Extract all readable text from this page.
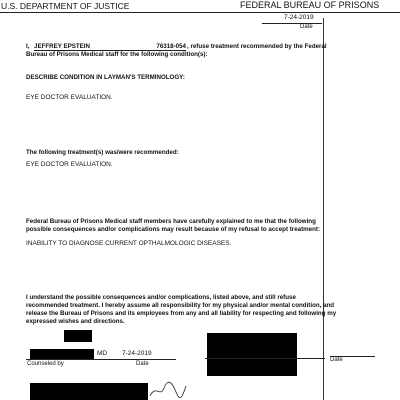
U.S. DEPARTMENT OF JUSTICE	FEDERAL BUREAU OF PRISONS
7-24-2019
Date
I, JEFFREY EPSTEIN	76318-054 , refuse treatment recommended by the Federal
Bureau of Prisons Medical staff for the following condition(s):
DESCRIBE CONDITION IN LAYMAN'S TERMINOLOGY:
EYE DOCTOR EVALUATION.
The following treatment(s) was/were recommended:
EYE DOCTOR EVALUATION.
Federal Bureau of Prisons Medical staff members have carefully explained to me that the following
possible consequences and/or complications may result because of my refusal to accept treatment:
INABILITY TO DIAGNOSE CURRENT OPTHALMOLOGIC DISEASES.
I understand the possible consequences and/or complications, listed above, and still refuse
recommended treatment. I hereby assume all responsibility for my physical and/or mental condition, and
release the Bureau of Prisons and its employees from any and all liability for respecting and following my
expressed wishes and directions.
MD 7-24-2019
Counseled by	Date
Date
